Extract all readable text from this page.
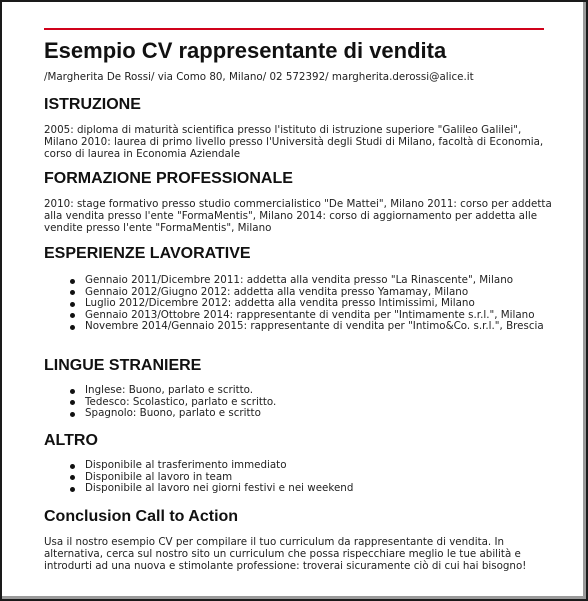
Esempio CV rappresentante di vendita
/Margherita De Rossi/ via Como 80, Milano/ 02 572392/ margherita.derossi@alice.it
ISTRUZIONE

2005: diploma di maturità scientifica presso l'istituto di istruzione superiore "Galileo Galilei", Milano 2010: laurea di primo livello presso l'Università degli Studi di Milano, facoltà di Economia, corso di laurea in Economia Aziendale

FORMAZIONE PROFESSIONALE

2010: stage formativo presso studio commercialistico "De Mattei", Milano 2011: corso per addetta alla vendita presso l'ente "FormaMentis", Milano 2014: corso di aggiornamento per addetta alle vendite presso l'ente "FormaMentis", Milano

ESPERIENZE LAVORATIVE
Gennaio 2011/Dicembre 2011: addetta alla vendita presso "La Rinascente", Milano
Gennaio 2012/Giugno 2012: addetta alla vendita presso Yamamay, Milano
Luglio 2012/Dicembre 2012: addetta alla vendita presso Intimissimi, Milano
Gennaio 2013/Ottobre 2014: rappresentante di vendita per "Intimamente s.r.l.", Milano
Novembre 2014/Gennaio 2015: rappresentante di vendita per "Intimo&Co. s.r.l.", Brescia
LINGUE STRANIERE
Inglese: Buono, parlato e scritto.
Tedesco: Scolastico, parlato e scritto.
Spagnolo: Buono, parlato e scritto
ALTRO
Disponibile al trasferimento immediato
Disponibile al lavoro in team
Disponibile al lavoro nei giorni festivi e nei weekend
Conclusion Call to Action

Usa il nostro esempio CV per compilare il tuo curriculum da rappresentante di vendita. In alternativa, cerca sul nostro sito un curriculum che possa rispecchiare meglio le tue abilità e introdurti ad una nuova e stimolante professione: troverai sicuramente ciò di cui hai bisogno!
